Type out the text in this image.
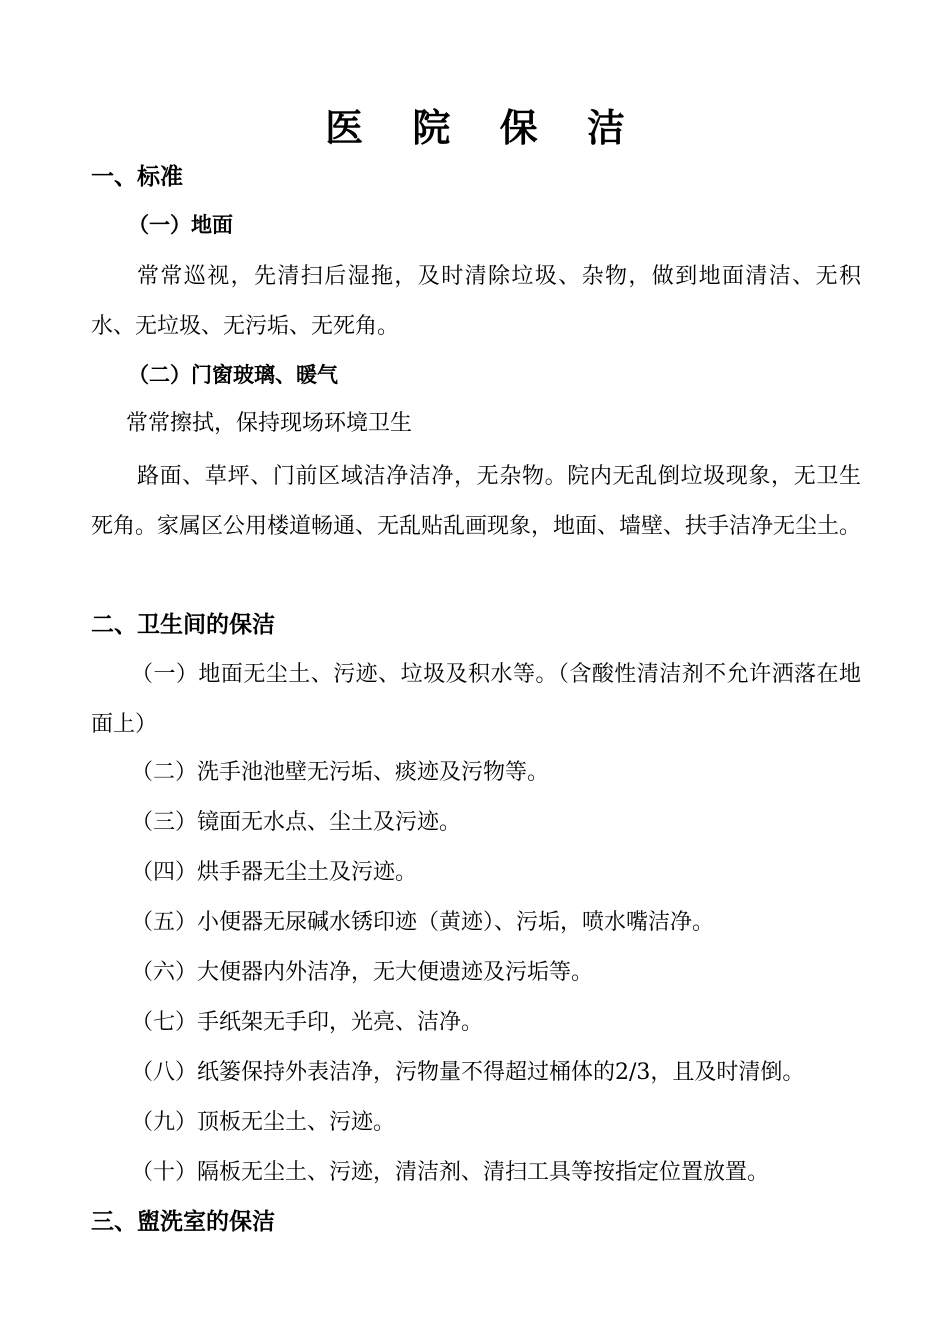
医 院 保 洁
一、标准
（一）地面

常常巡视，先清扫后湿拖，及时清除垃圾、杂物，做到地面清洁、无积水、无垃圾、无污垢、无死角。

（二）门窗玻璃、暖气
常常擦拭，保持现场环境卫生

路面、草坪、门前区域洁净洁净，无杂物。院内无乱倒垃圾现象，无卫生死角。家属区公用楼道畅通、无乱贴乱画现象，地面、墙壁、扶手洁净无尘土。

二、卫生间的保洁

（一）地面无尘土、污迹、垃圾及积水等。（含酸性清洁剂不允许洒落在地面上）

（二）洗手池池壁无污垢、痰迹及污物等。
（三）镜面无水点、尘土及污迹。
（四）烘手器无尘土及污迹。
（五）小便器无尿碱水锈印迹（黄迹）、污垢，喷水嘴洁净。
（六）大便器内外洁净，无大便遗迹及污垢等。
（七）手纸架无手印，光亮、洁净。
（八）纸篓保持外表洁净，污物量不得超过桶体的2/3，且及时清倒。
（九）顶板无尘土、污迹。
（十）隔板无尘土、污迹，清洁剂、清扫工具等按指定位置放置。
三、盥洗室的保洁
